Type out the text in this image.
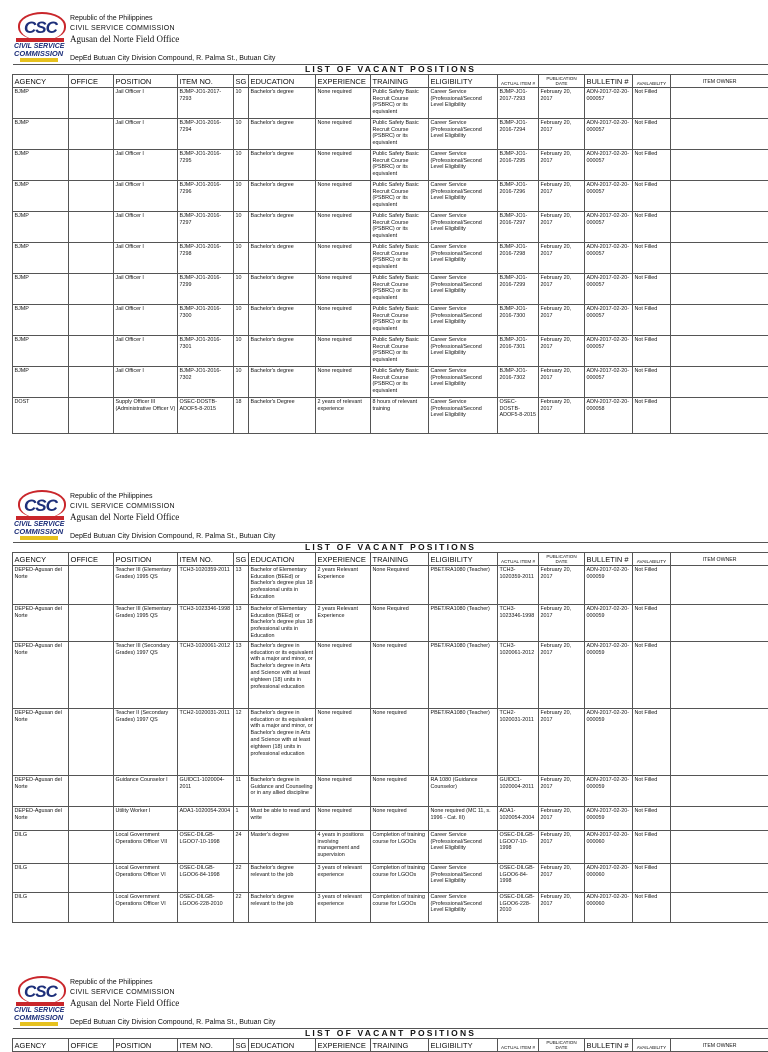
CSC
CIVIL SERVICE
COMMISSION
Republic of the Philippines
CIVIL SERVICE COMMISSION
Agusan del Norte Field Office
DepEd Butuan City Division Compound, R. Palma St., Butuan City
LIST OF VACANT POSITIONS													
AGENCY	OFFICE	POSITION	ITEM NO.	SG	EDUCATION	EXPERIENCE	TRAINING	ELIGIBILITY	ACTUAL ITEM #	PUBLICATION DATE	BULLETIN #	AVAILABILITY	ITEM OWNER
BJMP		Jail Officer I	BJMP-JO1-2017-7293	10	Bachelor's degree	None required	Public Safety Basic Recruit Course (PSBRC) or its equivalent	Career Service (Professional/Second Level Eligibility	BJMP-JO1-2017-7293	February 20, 2017	ADN-2017-02-20-000057	Not Filled	
BJMP		Jail Officer I	BJMP-JO1-2016-7294	10	Bachelor's degree	None required	Public Safety Basic Recruit Course (PSBRC) or its equivalent	Career Service (Professional/Second Level Eligibility	BJMP-JO1-2016-7294	February 20, 2017	ADN-2017-02-20-000057	Not Filled	
BJMP		Jail Officer I	BJMP-JO1-2016-7295	10	Bachelor's degree	None required	Public Safety Basic Recruit Course (PSBRC) or its equivalent	Career Service (Professional/Second Level Eligibility	BJMP-JO1-2016-7295	February 20, 2017	ADN-2017-02-20-000057	Not Filled	
BJMP		Jail Officer I	BJMP-JO1-2016-7296	10	Bachelor's degree	None required	Public Safety Basic Recruit Course (PSBRC) or its equivalent	Career Service (Professional/Second Level Eligibility	BJMP-JO1-2016-7296	February 20, 2017	ADN-2017-02-20-000057	Not Filled	
BJMP		Jail Officer I	BJMP-JO1-2016-7297	10	Bachelor's degree	None required	Public Safety Basic Recruit Course (PSBRC) or its equivalent	Career Service (Professional/Second Level Eligibility	BJMP-JO1-2016-7297	February 20, 2017	ADN-2017-02-20-000057	Not Filled	
BJMP		Jail Officer I	BJMP-JO1-2016-7298	10	Bachelor's degree	None required	Public Safety Basic Recruit Course (PSBRC) or its equivalent	Career Service (Professional/Second Level Eligibility	BJMP-JO1-2016-7298	February 20, 2017	ADN-2017-02-20-000057	Not Filled	
BJMP		Jail Officer I	BJMP-JO1-2016-7299	10	Bachelor's degree	None required	Public Safety Basic Recruit Course (PSBRC) or its equivalent	Career Service (Professional/Second Level Eligibility	BJMP-JO1-2016-7299	February 20, 2017	ADN-2017-02-20-000057	Not Filled	
BJMP		Jail Officer I	BJMP-JO1-2016-7300	10	Bachelor's degree	None required	Public Safety Basic Recruit Course (PSBRC) or its equivalent	Career Service (Professional/Second Level Eligibility	BJMP-JO1-2016-7300	February 20, 2017	ADN-2017-02-20-000057	Not Filled	
BJMP		Jail Officer I	BJMP-JO1-2016-7301	10	Bachelor's degree	None required	Public Safety Basic Recruit Course (PSBRC) or its equivalent	Career Service (Professional/Second Level Eligibility	BJMP-JO1-2016-7301	February 20, 2017	ADN-2017-02-20-000057	Not Filled	
BJMP		Jail Officer I	BJMP-JO1-2016-7302	10	Bachelor's degree	None required	Public Safety Basic Recruit Course (PSBRC) or its equivalent	Career Service (Professional/Second Level Eligibility	BJMP-JO1-2016-7302	February 20, 2017	ADN-2017-02-20-000057	Not Filled	
DOST		Supply Officer III (Administrative Officer V)	OSEC-DOSTB-ADOF5-8-2015	18	Bachelor's Degree	2 years of relevant experience	8 hours of relevant training	Career Service (Professional/Second Level Eligibility	OSEC-DOSTB-ADOF5-8-2015	February 20, 2017	ADN-2017-02-20-000058	Not Filled	
CSC
CIVIL SERVICE
COMMISSION
Republic of the Philippines
CIVIL SERVICE COMMISSION
Agusan del Norte Field Office
DepEd Butuan City Division Compound, R. Palma St., Butuan City
LIST OF VACANT POSITIONS													
AGENCY	OFFICE	POSITION	ITEM NO.	SG	EDUCATION	EXPERIENCE	TRAINING	ELIGIBILITY	ACTUAL ITEM #	PUBLICATION DATE	BULLETIN #	AVAILABILITY	ITEM OWNER
DEPED-Agusan del Norte		Teacher III (Elementary Grades) 1995 QS	TCH3-1020359-2011	13	Bachelor of Elementary Education (BEEd) or Bachelor's degree plus 18 professional units in Education	2 years Relevant Experience	None Required	PBET/RA1080 (Teacher)	TCH3-1020359-2011	February 20, 2017	ADN-2017-02-20-000059	Not Filled	
DEPED-Agusan del Norte		Teacher III (Elementary Grades) 1995 QS	TCH3-1023346-1998	13	Bachelor of Elementary Education (BEEd) or Bachelor's degree plus 18 professional units in Education	2 years Relevant Experience	None Required	PBET/RA1080 (Teacher)	TCH3-1023346-1998	February 20, 2017	ADN-2017-02-20-000059	Not Filled	
DEPED-Agusan del Norte		Teacher III (Secondary Grades) 1997 QS	TCH3-1020061-2012	13	Bachelor's degree in education or its equivalent with a major and minor, or Bachelor's degree in Arts and Science with at least eighteen (18) units in professional education	None required	None required	PBET/RA1080 (Teacher)	TCH3-1020061-2012	February 20, 2017	ADN-2017-02-20-000059	Not Filled	
DEPED-Agusan del Norte		Teacher II (Secondary Grades) 1997 QS	TCH2-1020031-2011	12	Bachelor's degree in education or its equivalent with a major and minor, or Bachelor's degree in Arts and Science with at least eighteen (18) units in professional education	None required	None required	PBET/RA1080 (Teacher)	TCH2-1020031-2011	February 20, 2017	ADN-2017-02-20-000059	Not Filled	
DEPED-Agusan del Norte		Guidance Counselor I	GUIDC1-1020004-2011	11	Bachelor's degree in Guidance and Counseling or in any allied discipline	None required	None required	RA 1080 (Guidance Counselor)	GUIDC1-1020004-2011	February 20, 2017	ADN-2017-02-20-000059	Not Filled	
DEPED-Agusan del Norte		Utility Worker I	ADA1-1020054-2004	1	Must be able to read and write	None required	None required	None required (MC 11, s. 1996 - Cat. III)	ADA1-1020054-2004	February 20, 2017	ADN-2017-02-20-000059	Not Filled	
DILG		Local Government Operations Officer VII	OSEC-DILGB-LGOO7-10-1998	24	Master's degree	4 years in positions involving management and supervision	Completion of training course for LGOOs	Career Service (Professional/Second Level Eligibility	OSEC-DILGB-LGOO7-10-1998	February 20, 2017	ADN-2017-02-20-000060	Not Filled	
DILG		Local Government Operations Officer VI	OSEC-DILGB-LGOO6-84-1998	22	Bachelor's degree relevant to the job	3 years of relevant experience	Completion of training course for LGOOs	Career Service (Professional/Second Level Eligibility	OSEC-DILGB-LGOO6-84-1998	February 20, 2017	ADN-2017-02-20-000060	Not Filled	
DILG		Local Government Operations Officer VI	OSEC-DILGB-LGOO6-228-2010	22	Bachelor's degree relevant to the job	3 years of relevant experience	Completion of training course for LGOOs	Career Service (Professional/Second Level Eligibility	OSEC-DILGB-LGOO6-228-2010	February 20, 2017	ADN-2017-02-20-000060	Not Filled	
CSC
CIVIL SERVICE
COMMISSION
Republic of the Philippines
CIVIL SERVICE COMMISSION
Agusan del Norte Field Office
DepEd Butuan City Division Compound, R. Palma St., Butuan City
LIST OF VACANT POSITIONS
AGENCY	OFFICE	POSITION	ITEM NO.	SG	EDUCATION	EXPERIENCE	TRAINING	ELIGIBILITY	ACTUAL ITEM #	PUBLICATION DATE	BULLETIN #	AVAILABILITY	ITEM OWNER
